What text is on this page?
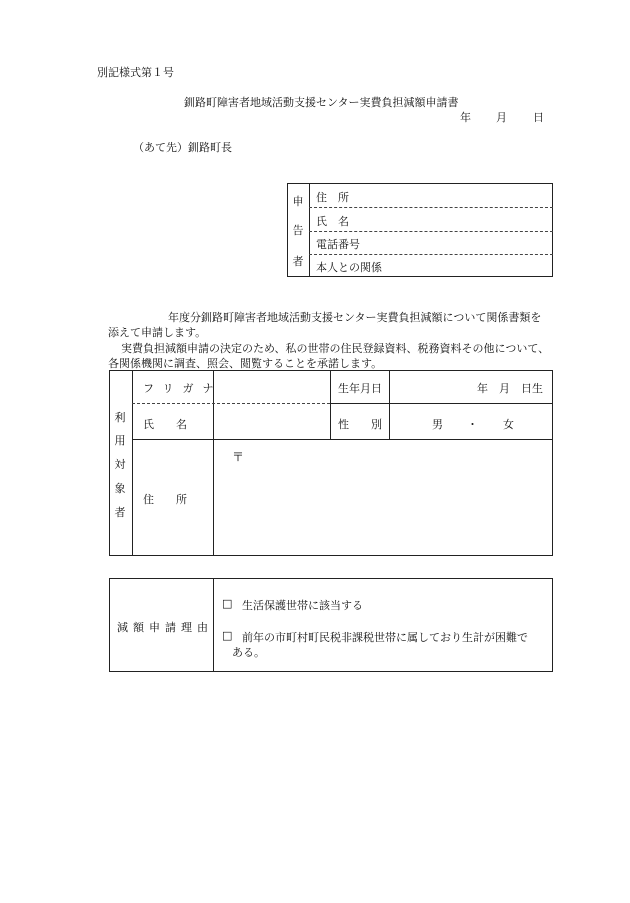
別記様式第１号
釧路町障害者地域活動支援センター実費負担減額申請書
年 月 日
（あて先）釧路町長
申
告
者
住　所
氏　名
電話番号
本人との関係
年度分釧路町障害者地域活動支援センター実費負担減額について関係書類を
添えて申請します。
実費負担減額申請の決定のため、私の世帯の住民登録資料、税務資料その他について、
各関係機関に調査、照会、閲覧することを承諾します。
利
用
対
象
者
フリガナ
氏　　名
住　　所
〒
生年月日	年　月　日生
性　　別	男 ・ 女
減額申請理由
□ 生活保護世帯に該当する
□ 前年の市町村町民税非課税世帯に属しており生計が困難で
ある。
